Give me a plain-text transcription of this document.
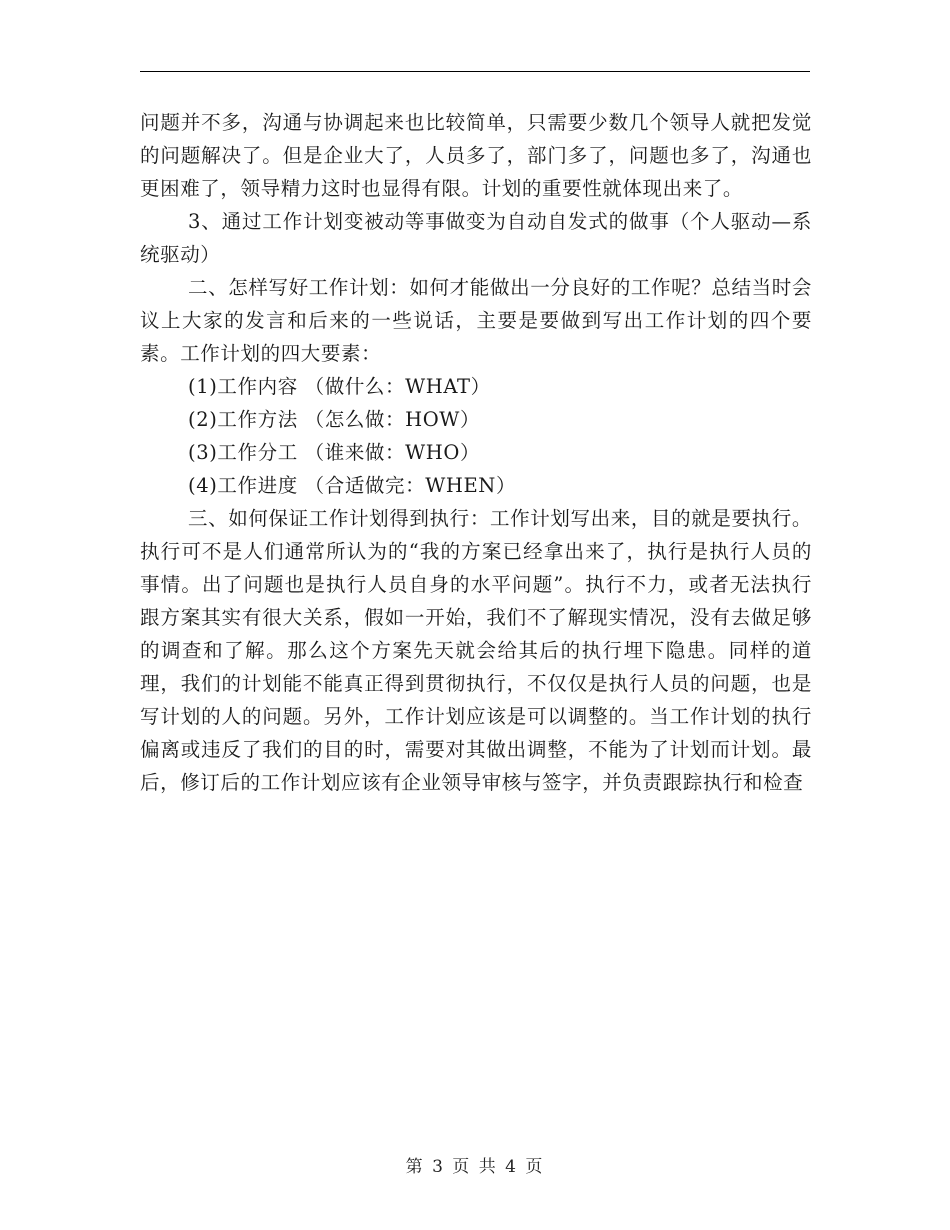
问题并不多，沟通与协调起来也比较简单，只需要少数几个领导人就把发觉的问题解决了。但是企业大了，人员多了，部门多了，问题也多了，沟通也更困难了，领导精力这时也显得有限。计划的重要性就体现出来了。

3、通过工作计划变被动等事做变为自动自发式的做事（个人驱动—系统驱动）

二、怎样写好工作计划：如何才能做出一分良好的工作呢？总结当时会议上大家的发言和后来的一些说话，主要是要做到写出工作计划的四个要素。工作计划的四大要素：

(1)工作内容 （做什么：WHAT）

(2)工作方法 （怎么做：HOW）

(3)工作分工 （谁来做：WHO）

(4)工作进度 （合适做完：WHEN）

三、如何保证工作计划得到执行：工作计划写出来，目的就是要执行。执行可不是人们通常所认为的“我的方案已经拿出来了，执行是执行人员的事情。出了问题也是执行人员自身的水平问题”。执行不力，或者无法执行跟方案其实有很大关系，假如一开始，我们不了解现实情况，没有去做足够的调查和了解。那么这个方案先天就会给其后的执行埋下隐患。同样的道理，我们的计划能不能真正得到贯彻执行，不仅仅是执行人员的问题，也是写计划的人的问题。另外，工作计划应该是可以调整的。当工作计划的执行偏离或违反了我们的目的时，需要对其做出调整，不能为了计划而计划。最后，修订后的工作计划应该有企业领导审核与签字，并负责跟踪执行和检查

第 3 页 共 4 页
